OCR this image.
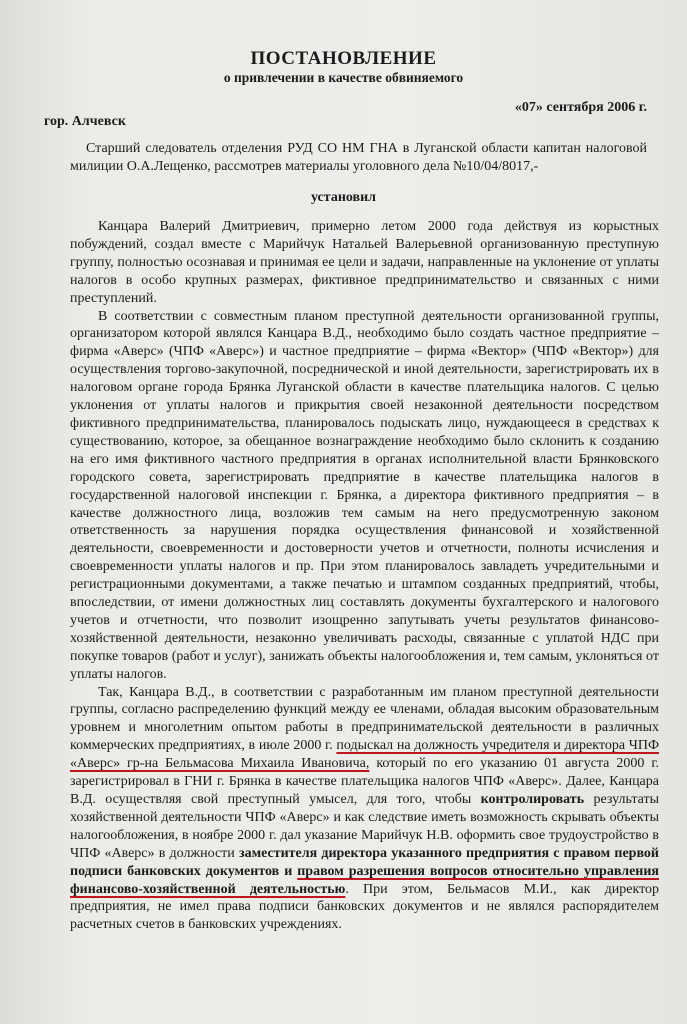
ПОСТАНОВЛЕНИЕ
о привлечении в качестве обвиняемого
«07» сентября 2006 г.
гор. Алчевск
Старший следователь отделения РУД СО НМ ГНА в Луганской области капитан налоговой милиции О.А.Лещенко, рассмотрев материалы уголовного дела №10/04/8017,-
установил

Канцара Валерий Дмитриевич, примерно летом 2000 года действуя из корыстных побуждений, создал вместе с Марийчук Натальей Валерьевной организованную преступную группу, полностью осознавая и принимая ее цели и задачи, направленные на уклонение от уплаты налогов в особо крупных размерах, фиктивное предпринимательство и связанных с ними преступлений.

В соответствии с совместным планом преступной деятельности организованной группы, организатором которой являлся Канцара В.Д., необходимо было создать частное предприятие – фирма «Аверс» (ЧПФ «Аверс») и частное предприятие – фирма «Вектор» (ЧПФ «Вектор») для осуществления торгово-закупочной, посреднической и иной деятельности, зарегистрировать их в налоговом органе города Брянка Луганской области в качестве плательщика налогов. С целью уклонения от уплаты налогов и прикрытия своей незаконной деятельности посредством фиктивного предпринимательства, планировалось подыскать лицо, нуждающееся в средствах к существованию, которое, за обещанное вознаграждение необходимо было склонить к созданию на его имя фиктивного частного предприятия в органах исполнительной власти Брянковского городского совета, зарегистрировать предприятие в качестве плательщика налогов в государственной налоговой инспекции г. Брянка, а директора фиктивного предприятия – в качестве должностного лица, возложив тем самым на него предусмотренную законом ответственность за нарушения порядка осуществления финансовой и хозяйственной деятельности, своевременности и достоверности учетов и отчетности, полноты исчисления и своевременности уплаты налогов и пр. При этом планировалось завладеть учредительными и регистрационными документами, а также печатью и штампом созданных предприятий, чтобы, впоследствии, от имени должностных лиц составлять документы бухгалтерского и налогового учетов и отчетности, что позволит изощренно запутывать учеты результатов финансово-хозяйственной деятельности, незаконно увеличивать расходы, связанные с уплатой НДС при покупке товаров (работ и услуг), занижать объекты налогообложения и, тем самым, уклоняться от уплаты налогов.

Так, Канцара В.Д., в соответствии с разработанным им планом преступной деятельности группы, согласно распределению функций между ее членами, обладая высоким образовательным уровнем и многолетним опытом работы в предпринимательской деятельности в различных коммерческих предприятиях, в июле 2000 г. подыскал на должность учредителя и директора ЧПФ «Аверс» гр-на Бельмасова Михаила Ивановича, который по его указанию 01 августа 2000 г. зарегистрировал в ГНИ г. Брянка в качестве плательщика налогов ЧПФ «Аверс». Далее, Канцара В.Д. осуществляя свой преступный умысел, для того, чтобы контролировать результаты хозяйственной деятельности ЧПФ «Аверс» и как следствие иметь возможность скрывать объекты налогообложения, в ноябре 2000 г. дал указание Марийчук Н.В. оформить свое трудоустройство в ЧПФ «Аверс» в должности заместителя директора указанного предприятия с правом первой подписи банковских документов и правом разрешения вопросов относительно управления финансово-хозяйственной деятельностью. При этом, Бельмасов М.И., как директор предприятия, не имел права подписи банковских документов и не являлся распорядителем расчетных счетов в банковских учреждениях.
